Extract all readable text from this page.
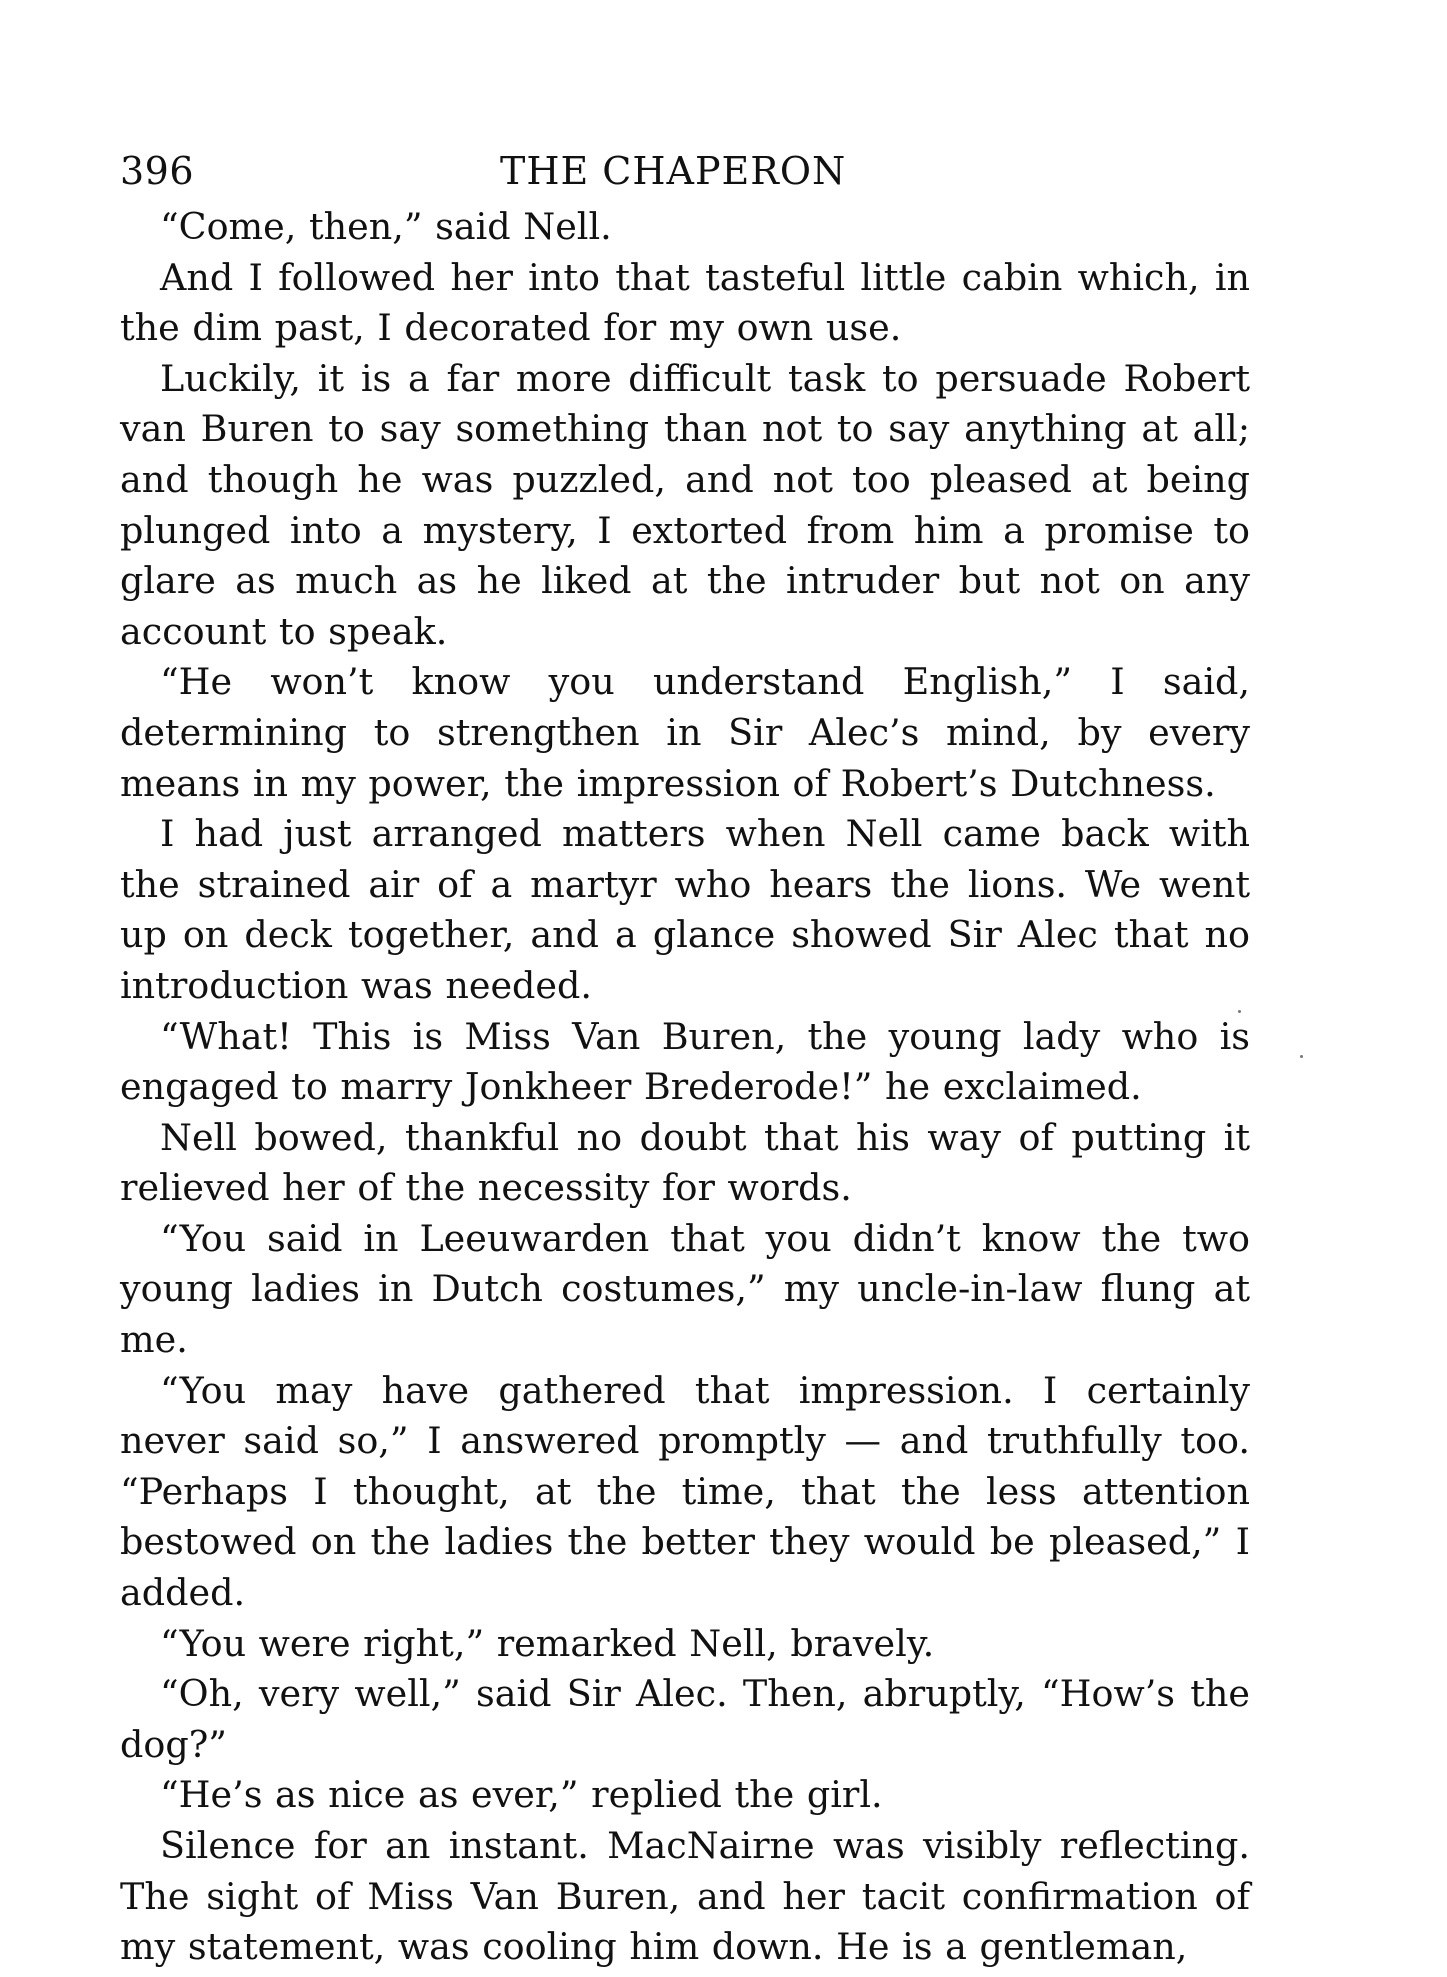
396	THE CHAPERON

“Come, then,” said Nell.

And I followed her into that tasteful little cabin which, in the dim past, I decorated for my own use.

Luckily, it is a far more difficult task to persuade Robert van Buren to say something than not to say anything at all; and though he was puzzled, and not too pleased at being plunged into a mystery, I extorted from him a promise to glare as much as he liked at the intruder but not on any account to speak.

“He won’t know you understand English,” I said, determining to strengthen in Sir Alec’s mind, by every means in my power, the impression of Robert’s Dutchness.

I had just arranged matters when Nell came back with the strained air of a martyr who hears the lions. We went up on deck together, and a glance showed Sir Alec that no introduction was needed.

“What! This is Miss Van Buren, the young lady who is engaged to marry Jonkheer Brederode!” he exclaimed.

Nell bowed, thankful no doubt that his way of putting it relieved her of the necessity for words.

“You said in Leeuwarden that you didn’t know the two young ladies in Dutch costumes,” my uncle-in-law flung at me.

“You may have gathered that impression. I certainly never said so,” I answered promptly — and truthfully too. “Perhaps I thought, at the time, that the less attention bestowed on the ladies the better they would be pleased,” I added.

“You were right,” remarked Nell, bravely.

“Oh, very well,” said Sir Alec. Then, abruptly, “How’s the dog?”

“He’s as nice as ever,” replied the girl.

Silence for an instant. MacNairne was visibly reflecting. The sight of Miss Van Buren, and her tacit confirmation of my statement, was cooling him down. He is a gentleman,
